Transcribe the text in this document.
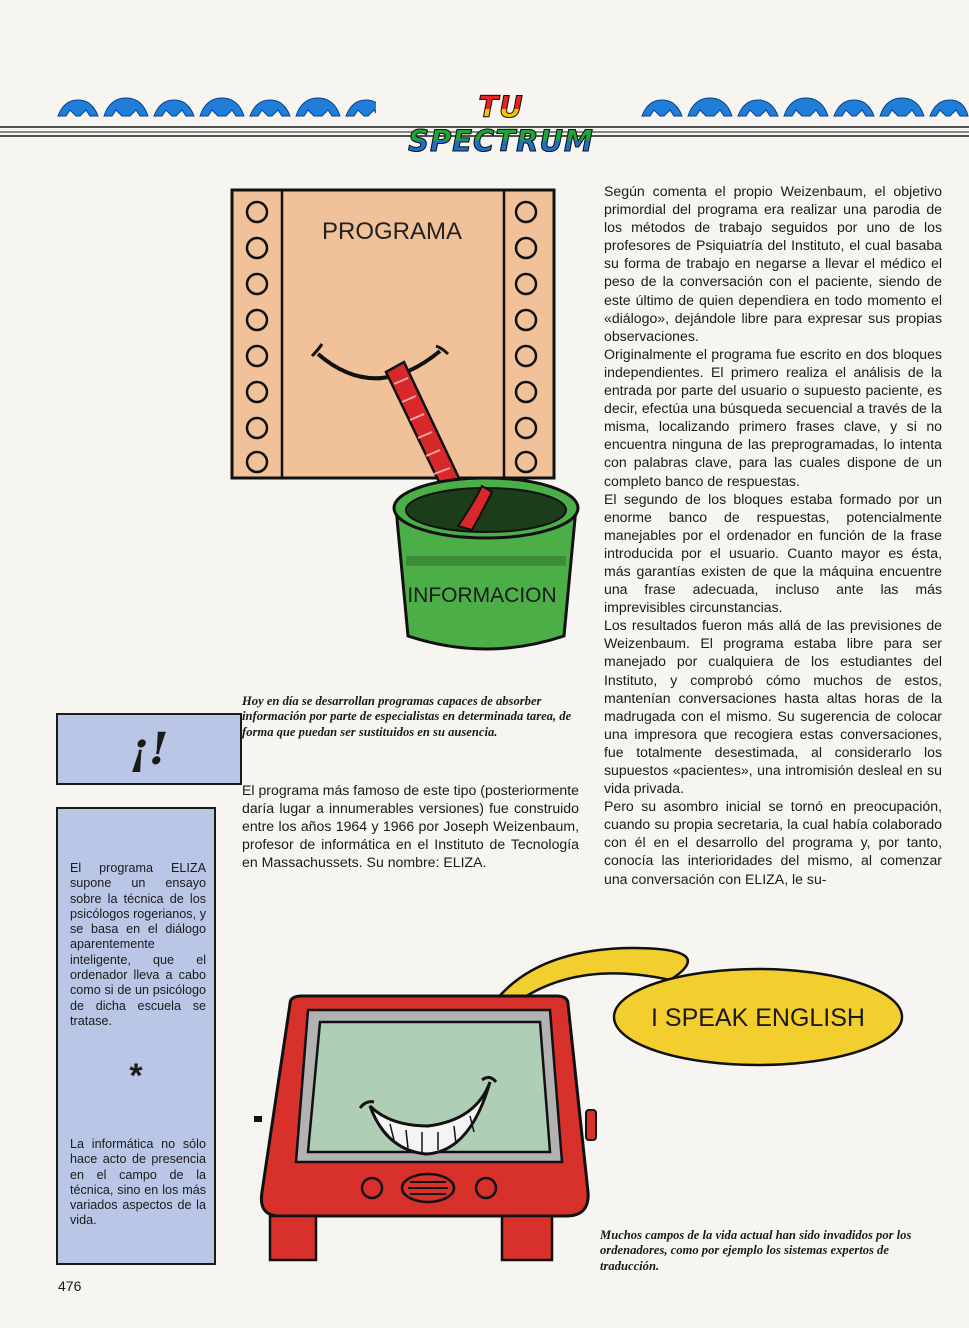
TU SPECTRUM
PROGRAMA
INFORMACION

Hoy en día se desarrollan programas capaces de absorber información por parte de especialistas en determinada tarea, de forma que puedan ser sustituidos en su ausencia.

¡!

El programa ELIZA supone un ensayo sobre la técnica de los psicólogos rogerianos, y se basa en el diálogo aparentemente inteligente, que el ordenador lleva a cabo como si de un psicólogo de dicha escuela se tratase.

*

La informática no sólo hace acto de presencia en el campo de la técnica, sino en los más variados aspectos de la vida.

El programa más famoso de este tipo (posteriormente daría lugar a innumerables versiones) fue construido entre los años 1964 y 1966 por Joseph Weizenbaum, profesor de informática en el Instituto de Tecnología en Massachussets. Su nombre: ELIZA.

Según comenta el propio Weizenbaum, el objetivo primordial del programa era realizar una parodia de los métodos de trabajo seguidos por uno de los profesores de Psiquiatría del Instituto, el cual basaba su forma de trabajo en negarse a llevar el médico el peso de la conversación con el paciente, siendo de este último de quien dependiera en todo momento el «diálogo», dejándole libre para expresar sus propias observaciones.

Originalmente el programa fue escrito en dos bloques independientes. El primero realiza el análisis de la entrada por parte del usuario o supuesto paciente, es decir, efectúa una búsqueda secuencial a través de la misma, localizando primero frases clave, y si no encuentra ninguna de las preprogramadas, lo intenta con palabras clave, para las cuales dispone de un completo banco de respuestas.

El segundo de los bloques estaba formado por un enorme banco de respuestas, potencialmente manejables por el ordenador en función de la frase introducida por el usuario. Cuanto mayor es ésta, más garantías existen de que la máquina encuentre una frase adecuada, incluso ante las más imprevisibles circunstancias.

Los resultados fueron más allá de las previsiones de Weizenbaum. El programa estaba libre para ser manejado por cualquiera de los estudiantes del Instituto, y comprobó cómo muchos de estos, mantenían conversaciones hasta altas horas de la madrugada con el mismo. Su sugerencia de colocar una impresora que recogiera estas conversaciones, fue totalmente desestimada, al considerarlo los supuestos «pacientes», una intromisión desleal en su vida privada.

Pero su asombro inicial se tornó en preocupación, cuando su propia secretaria, la cual había colaborado con él en el desarrollo del programa y, por tanto, conocía las interioridades del mismo, al comenzar una conversación con ELIZA, le su-

I SPEAK ENGLISH

Muchos campos de la vida actual han sido invadidos por los ordenadores, como por ejemplo los sistemas expertos de traducción.

476
